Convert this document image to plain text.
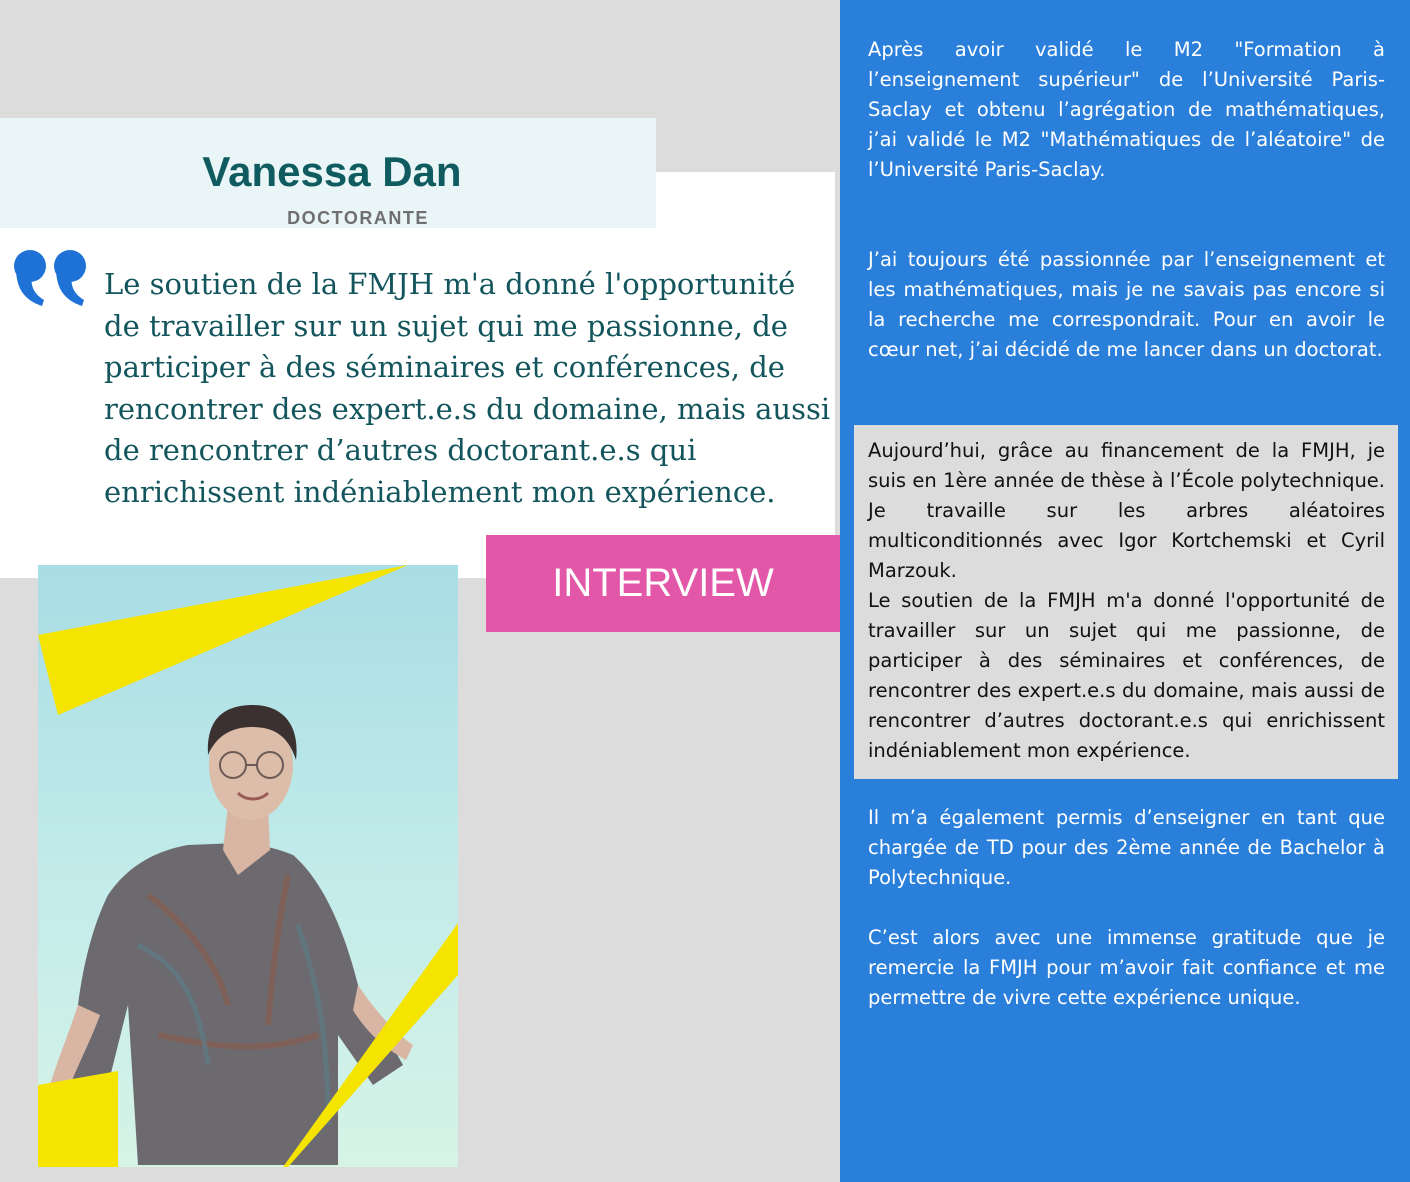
Vanessa Dan
DOCTORANTE

Le soutien de la FMJH m'a donné l'opportunité de travailler sur un sujet qui me passionne, de participer à des séminaires et conférences, de rencontrer des expert.e.s du domaine, mais aussi de rencontrer d’autres doctorant.e.s qui enrichissent indéniablement mon expérience.

INTERVIEW

Après avoir validé le M2 "Formation à l’enseignement supérieur" de l’Université Paris-Saclay et obtenu l’agrégation de mathématiques, j’ai validé le M2 "Mathématiques de l’aléatoire" de l’Université Paris-Saclay.

J’ai toujours été passionnée par l’enseignement et les mathématiques, mais je ne savais pas encore si la recherche me correspondrait. Pour en avoir le cœur net, j’ai décidé de me lancer dans un doctorat.

Aujourd’hui, grâce au financement de la FMJH, je suis en 1ère année de thèse à l’École polytechnique. Je travaille sur les arbres aléatoires multiconditionnés avec Igor Kortchemski et Cyril Marzouk.
Le soutien de la FMJH m'a donné l'opportunité de travailler sur un sujet qui me passionne, de participer à des séminaires et conférences, de rencontrer des expert.e.s du domaine, mais aussi de rencontrer d’autres doctorant.e.s qui enrichissent indéniablement mon expérience.

Il m’a également permis d’enseigner en tant que chargée de TD pour des 2ème année de Bachelor à Polytechnique.

C’est alors avec une immense gratitude que je remercie la FMJH pour m’avoir fait confiance et me permettre de vivre cette expérience unique.
